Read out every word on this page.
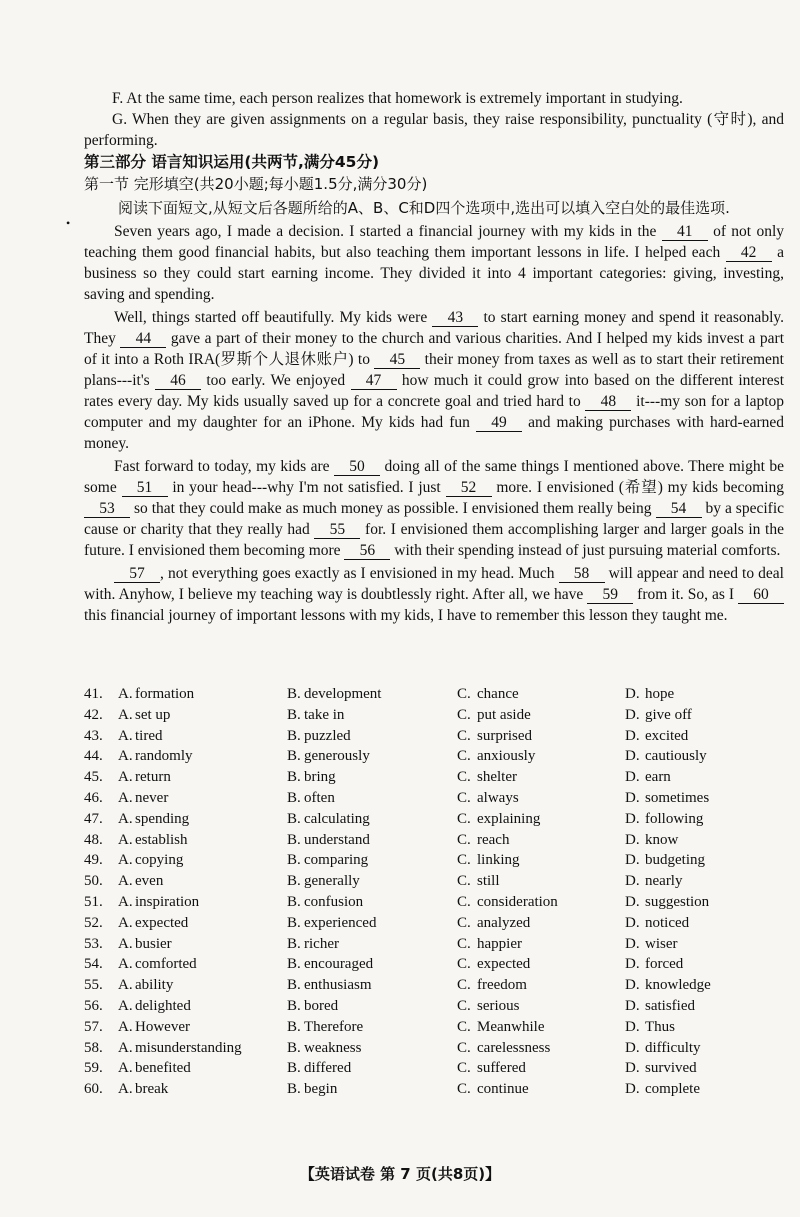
•

F. At the same time, each person realizes that homework is extremely important in studying.

G. When they are given assignments on a regular basis, they raise responsibility, punctuality (守时), and performing.

第三部分 语言知识运用(共两节,满分45分)

第一节 完形填空(共20小题;每小题1.5分,满分30分)

阅读下面短文,从短文后各题所给的A、B、C和D四个选项中,选出可以填入空白处的最佳选项.

Seven years ago, I made a decision. I started a financial journey with my kids in the 41 of not only teaching them good financial habits, but also teaching them important lessons in life. I helped each 42 a business so they could start earning income. They divided it into 4 important categories: giving, investing, saving and spending.

Well, things started off beautifully. My kids were 43 to start earning money and spend it reasonably. They 44 gave a part of their money to the church and various charities. And I helped my kids invest a part of it into a Roth IRA(罗斯个人退休账户) to 45 their money from taxes as well as to start their retirement plans---it's 46 too early. We enjoyed 47 how much it could grow into based on the different interest rates every day. My kids usually saved up for a concrete goal and tried hard to 48 it---my son for a laptop computer and my daughter for an iPhone. My kids had fun 49 and making purchases with hard-earned money.

Fast forward to today, my kids are 50 doing all of the same things I mentioned above. There might be some 51 in your head---why I'm not satisfied. I just 52 more. I envisioned (希望) my kids becoming 53 so that they could make as much money as possible. I envisioned them really being 54 by a specific cause or charity that they really had 55 for. I envisioned them accomplishing larger and larger goals in the future. I envisioned them becoming more 56 with their spending instead of just pursuing material comforts.

57 , not everything goes exactly as I envisioned in my head. Much 58 will appear and need to deal with. Anyhow, I believe my teaching way is doubtlessly right. After all, we have 59 from it. So, as I 60 this financial journey of important lessons with my kids, I have to remember this lesson they taught me.

41. A. formation	B. development	C. chance	D. hope
42. A. set up	B. take in	C. put aside	D. give off
43. A. tired	B. puzzled	C. surprised	D. excited
44. A. randomly	B. generously	C. anxiously	D. cautiously
45. A. return	B. bring	C. shelter	D. earn
46. A. never	B. often	C. always	D. sometimes
47. A. spending	B. calculating	C. explaining	D. following
48. A. establish	B. understand	C. reach	D. know
49. A. copying	B. comparing	C. linking	D. budgeting
50. A. even	B. generally	C. still	D. nearly
51. A. inspiration	B. confusion	C. consideration	D. suggestion
52. A. expected	B. experienced	C. analyzed	D. noticed
53. A. busier	B. richer	C. happier	D. wiser
54. A. comforted	B. encouraged	C. expected	D. forced
55. A. ability	B. enthusiasm	C. freedom	D. knowledge
56. A. delighted	B. bored	C. serious	D. satisfied
57. A. However	B. Therefore	C. Meanwhile	D. Thus
58. A. misunderstanding	B. weakness	C. carelessness	D. difficulty
59. A. benefited	B. differed	C. suffered	D. survived
60. A. break	B. begin	C. continue	D. complete
【英语试卷 第 7 页(共8页)】
